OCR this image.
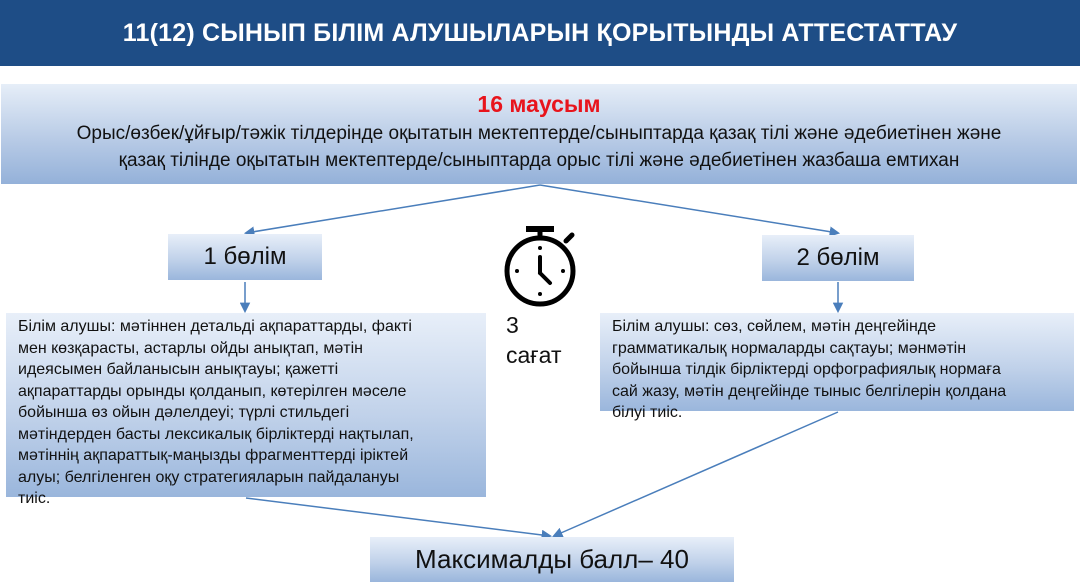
11(12) СЫНЫП БІЛІМ АЛУШЫЛАРЫН ҚОРЫТЫНДЫ АТТЕСТАТТАУ
16 маусым
Орыс/өзбек/ұйғыр/тәжік тілдерінде оқытатын мектептерде/сыныптарда қазақ тілі және әдебиетінен және
қазақ тілінде оқытатын мектептерде/сыныптарда орыс тілі және әдебиетінен жазбаша емтихан
1 бөлім	2 бөлім
Білім алушы: мәтіннен детальді ақпараттарды, факті
мен көзқарасты, астарлы ойды анықтап, мәтін
идеясымен байланысын анықтауы; қажетті
ақпараттарды орынды қолданып, көтерілген мәселе
бойынша өз ойын дәлелдеуі; түрлі стильдегі
мәтіндерден басты лексикалық бірліктерді нақтылап,
мәтіннің ақпараттық-маңызды фрагменттерді іріктей
алуы; белгіленген оқу стратегияларын пайдалануы
тиіс.
Білім алушы: сөз, сөйлем, мәтін деңгейінде
грамматикалық нормаларды сақтауы; мәнмәтін
бойынша тілдік бірліктерді орфографиялық нормаға
сай жазу, мәтін деңгейінде тыныс белгілерін қолдана
білуі тиіс.
3
сағат
Максималды балл– 40
